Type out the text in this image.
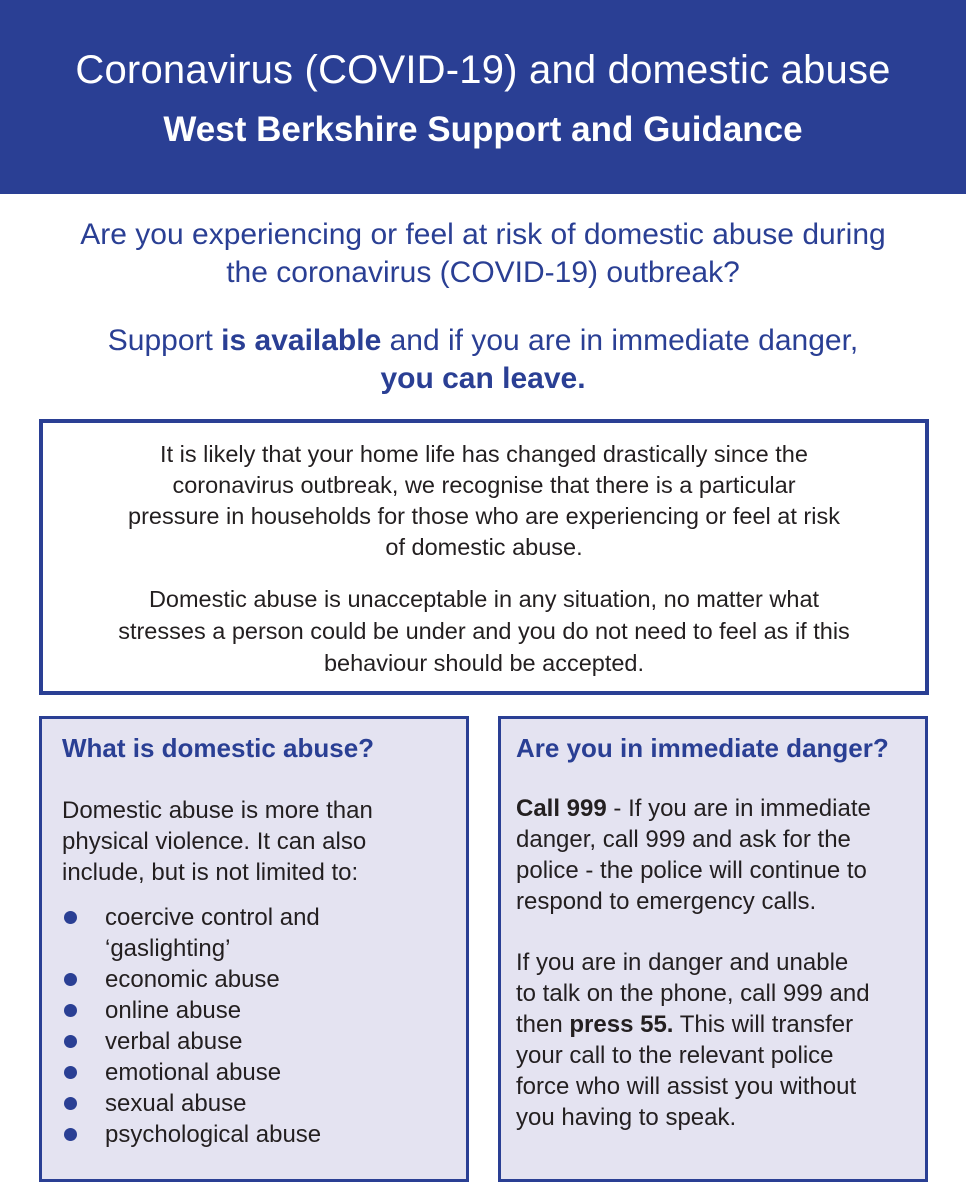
Coronavirus (COVID-19) and domestic abuse
West Berkshire Support and Guidance
Are you experiencing or feel at risk of domestic abuse during
the coronavirus (COVID-19) outbreak?
Support is available and if you are in immediate danger,
you can leave.
It is likely that your home life has changed drastically since the
coronavirus outbreak, we recognise that there is a particular
pressure in households for those who are experiencing or feel at risk
of domestic abuse.
Domestic abuse is unacceptable in any situation, no matter what
stresses a person could be under and you do not need to feel as if this
behaviour should be accepted.
What is domestic abuse?
Domestic abuse is more than
physical violence. It can also
include, but is not limited to:
coercive control and
‘gaslighting’
economic abuse
online abuse
verbal abuse
emotional abuse
sexual abuse
psychological abuse
Are you in immediate danger?
Call 999 - If you are in immediate
danger, call 999 and ask for the
police - the police will continue to
respond to emergency calls.
If you are in danger and unable
to talk on the phone, call 999 and
then press 55. This will transfer
your call to the relevant police
force who will assist you without
you having to speak.
